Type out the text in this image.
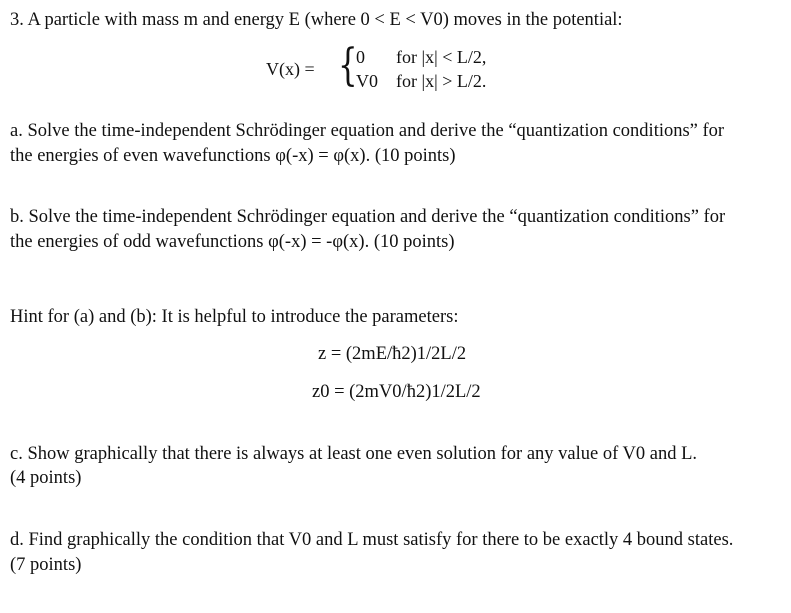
3. A particle with mass m and energy E (where 0 < E < V0) moves in the potential:
V(x) = {
0 for |x| < L/2,
V0 for |x| > L/2.
a. Solve the time-independent Schrödinger equation and derive the “quantization conditions” for
the energies of even wavefunctions φ(-x) = φ(x). (10 points)
b. Solve the time-independent Schrödinger equation and derive the “quantization conditions” for
the energies of odd wavefunctions φ(-x) = -φ(x). (10 points)
Hint for (a) and (b): It is helpful to introduce the parameters:
z = (2mE/ħ2)1/2L/2
z0 = (2mV0/ħ2)1/2L/2
c. Show graphically that there is always at least one even solution for any value of V0 and L.
(4 points)
d. Find graphically the condition that V0 and L must satisfy for there to be exactly 4 bound states.
(7 points)
